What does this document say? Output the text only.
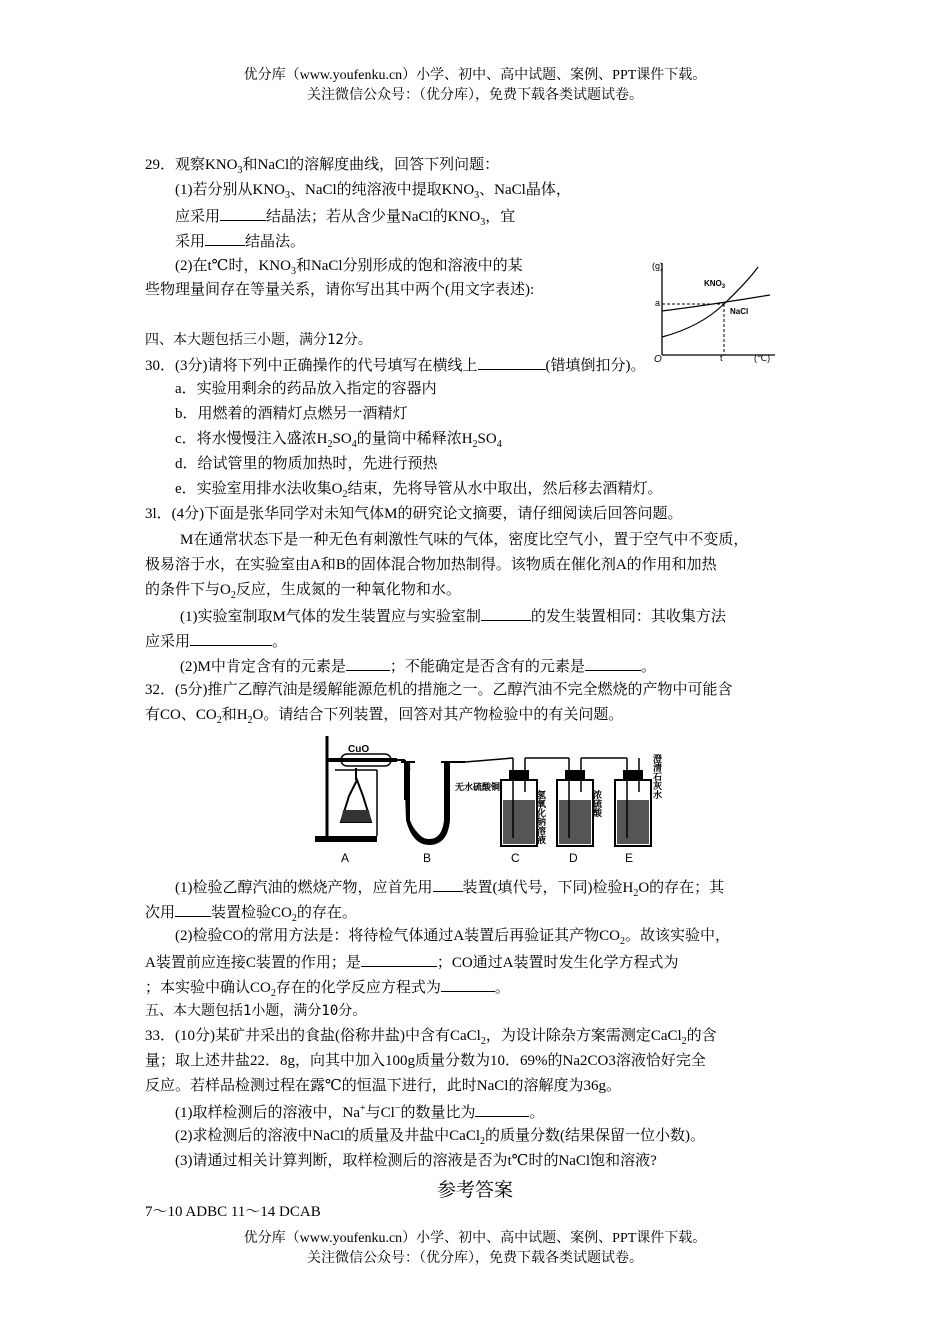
优分库（www.youfenku.cn）小学、初中、高中试题、案例、PPT课件下载。
关注微信公众号：（优分库），免费下载各类试题试卷。
29．观察$KNO_3$和NaCl的溶解度曲线，回答下列问题：
(1)若分别从$KNO_3$、NaCl的纯溶液中提取$KNO_3$、NaCl晶体，
应采用	结晶法；若从含少量NaCl的$KNO_3$，宜
采用	结晶法。
(2)在t℃时，$KNO_3$和NaCl分别形成的饱和溶液中的某
些物理量间存在等量关系，请你写出其中两个(用文字表述):
(g)
(℃)
O
a
t
$KNO_3$
NaCl
四、本大题包括三小题，满分12分。
30．(3分)请将下列中正确操作的代号填写在横线上	(错填倒扣分)。
a．实验用剩余的药品放入指定的容器内
b．用燃着的酒精灯点燃另一酒精灯
c．将水慢慢注入盛浓$H_2SO_4$的量筒中稀释浓$H_2SO_4$
d．给试管里的物质加热时，先进行预热
e．实验室用排水法收集$O_2$结束，先将导管从水中取出，然后移去酒精灯。
3l．(4分)下面是张华同学对未知气体M的研究论文摘要，请仔细阅读后回答问题。
M在通常状态下是一种无色有刺激性气味的气体，密度比空气小，置于空气中不变质，
极易溶于水，在实验室由A和B的固体混合物加热制得。该物质在催化剂A的作用和加热
的条件下与$O_2$反应，生成氮的一种氧化物和水。
(1)实验室制取M气体的发生装置应与实验室制	的发生装置相同：其收集方法
应采用	。
(2)M中肯定含有的元素是	；不能确定是否含有的元素是	。
32．(5分)推广乙醇汽油是缓解能源危机的措施之一。乙醇汽油不完全燃烧的产物中可能含
有CO、$CO_2$和$H_2O$。请结合下列装置，回答对其产物检验中的有关问题。
CuO
无水硫酸铜
氢氧化钠溶液	浓硫酸
澄清石灰水
A	B	C	D	E
(1)检验乙醇汽油的燃烧产物，应首先用 装置(填代号，下同)检验$H_2O$的存在；其
次用 装置检验$CO_2$的存在。
(2)检验CO的常用方法是：将待检气体通过A装置后再验证其产物$CO_2$。故该实验中，
A装置前应连接C装置的作用；是	；CO通过A装置时发生化学方程式为
；本实验中确认$CO_2$存在的化学反应方程式为	。
五、本大题包括1小题，满分10分。
33．(10分)某矿井采出的食盐(俗称井盐)中含有CaCl$_2$，为设计除杂方案需测定CaCl$_2$的含
量；取上述井盐22．8g，向其中加入100g质量分数为10．69%的Na2CO3溶液恰好完全
反应。若样品检测过程在露℃的恒温下进行，此时NaCl的溶解度为36g。
(1)取样检测后的溶液中，Na+与Cl−的数量比为	。
(2)求检测后的溶液中NaCl的质量及井盐中CaCl$_2$的质量分数(结果保留一位小数)。
(3)请通过相关计算判断，取样检测后的溶液是否为t℃时的NaCl饱和溶液?
参考答案
7～10 ADBC 11～14 DCAB
优分库（www.youfenku.cn）小学、初中、高中试题、案例、PPT课件下载。
关注微信公众号：（优分库），免费下载各类试题试卷。
